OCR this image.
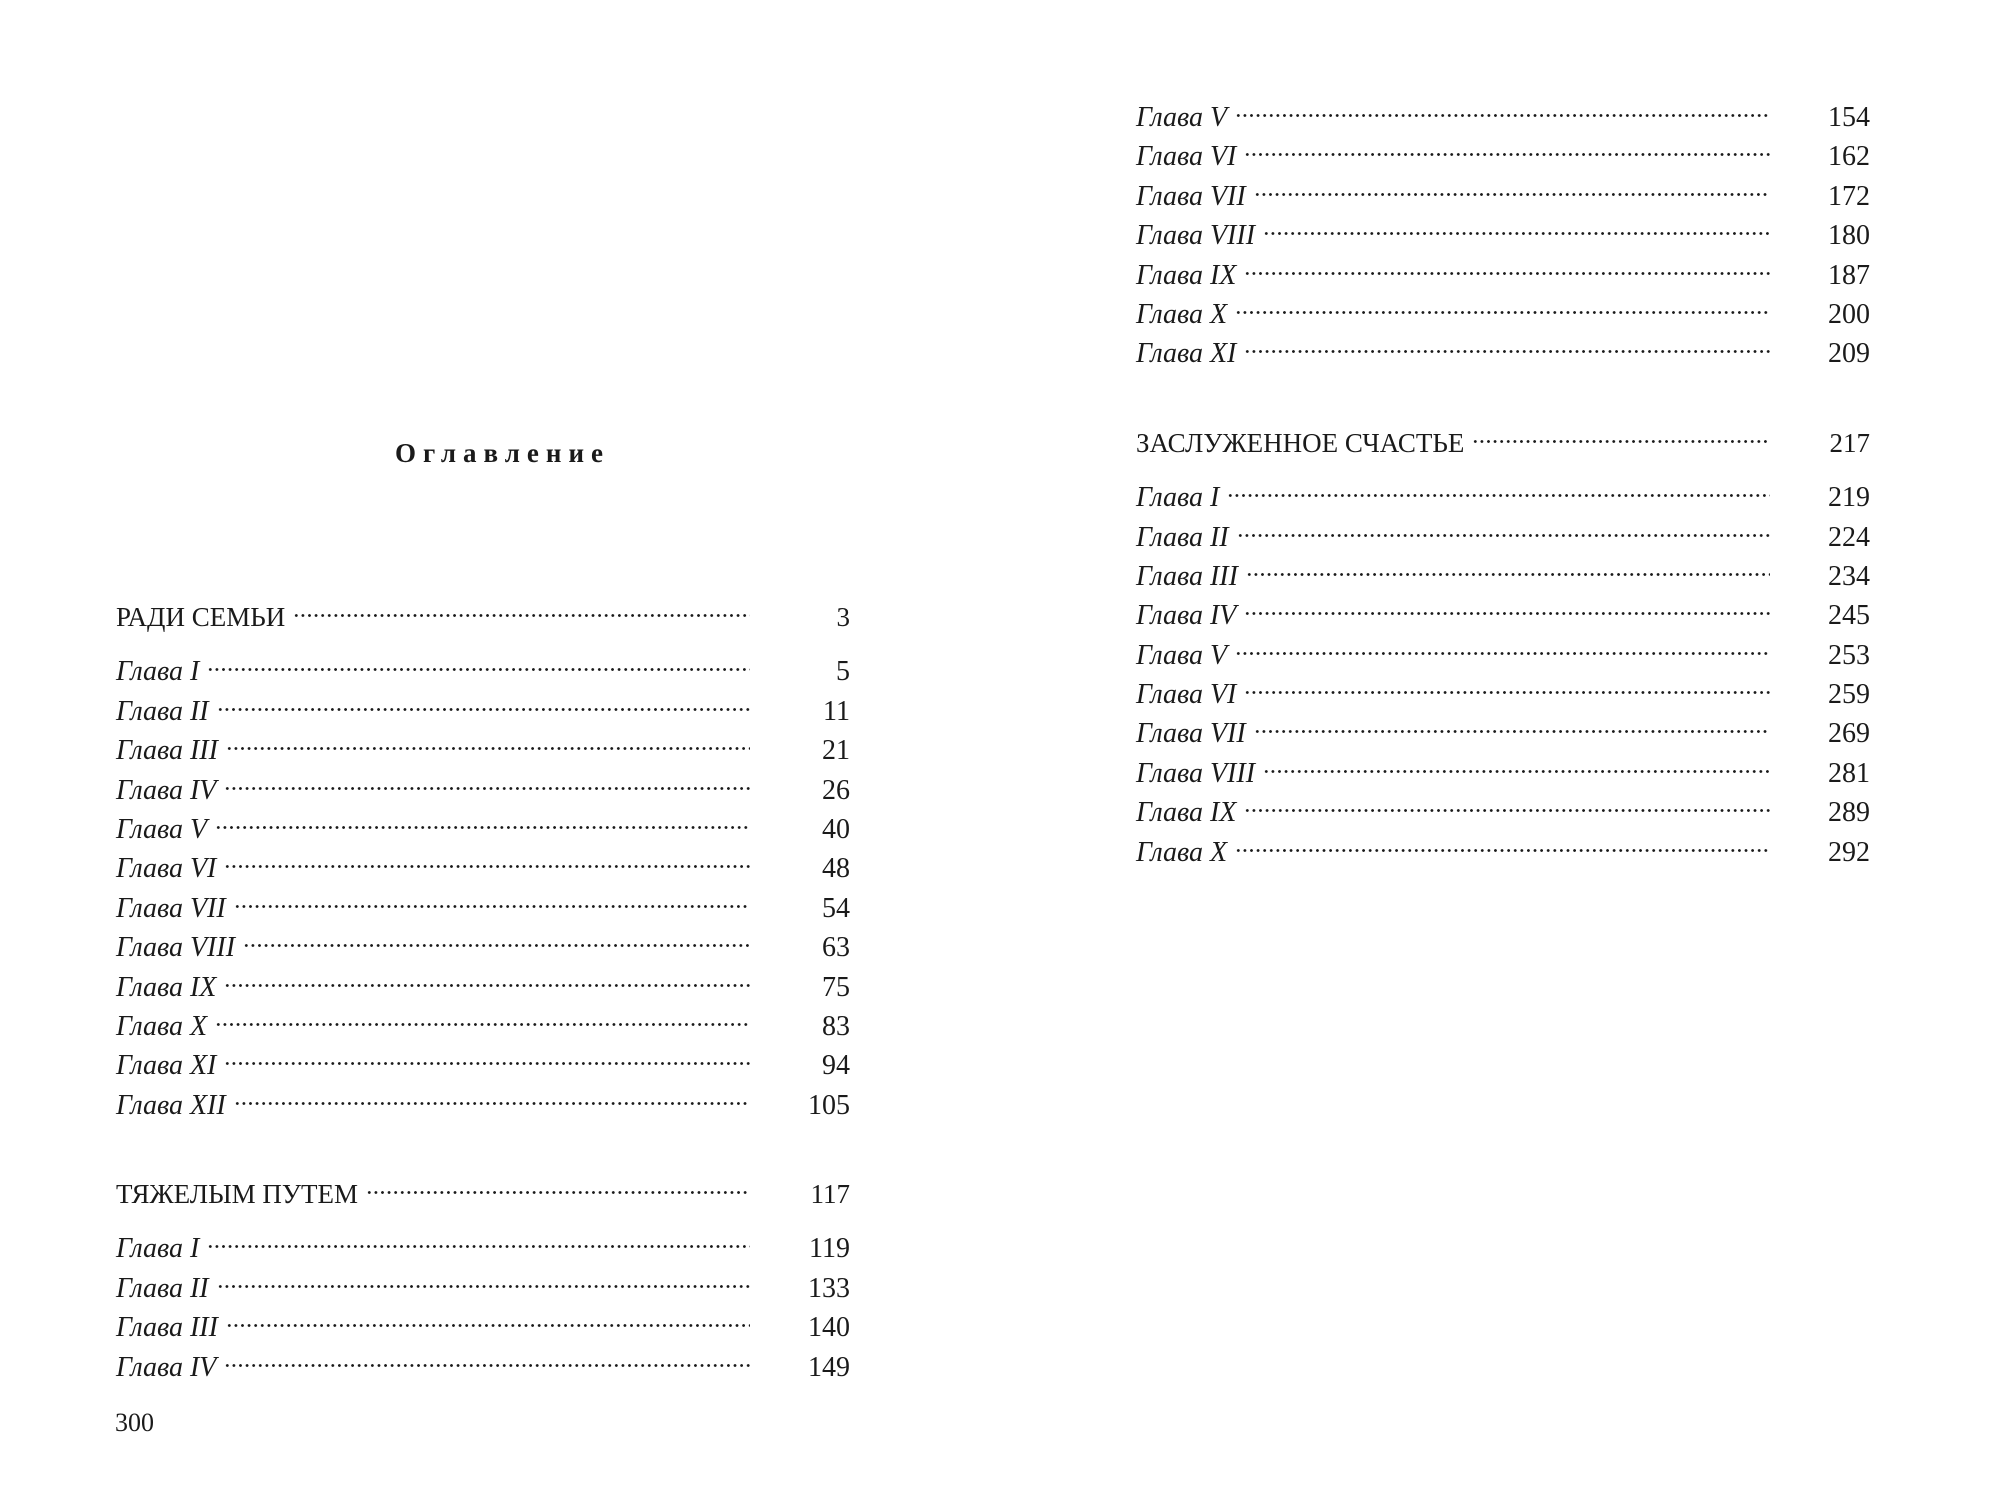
Оглавление
РАДИ СЕМЬИ	3
Глава I	5
Глава II	11
Глава III	21
Глава IV	26
Глава V	40
Глава VI	48
Глава VII	54
Глава VIII	63
Глава IX	75
Глава X	83
Глава XI	94
Глава XII	105
ТЯЖЕЛЫМ ПУТЕМ	117
Глава I	119
Глава II	133
Глава III	140
Глава IV	149
300
Глава V	154
Глава VI	162
Глава VII	172
Глава VIII	180
Глава IX	187
Глава X	200
Глава XI	209
ЗАСЛУЖЕННОЕ СЧАСТЬЕ	217
Глава I	219
Глава II	224
Глава III	234
Глава IV	245
Глава V	253
Глава VI	259
Глава VII	269
Глава VIII	281
Глава IX	289
Глава X	292
